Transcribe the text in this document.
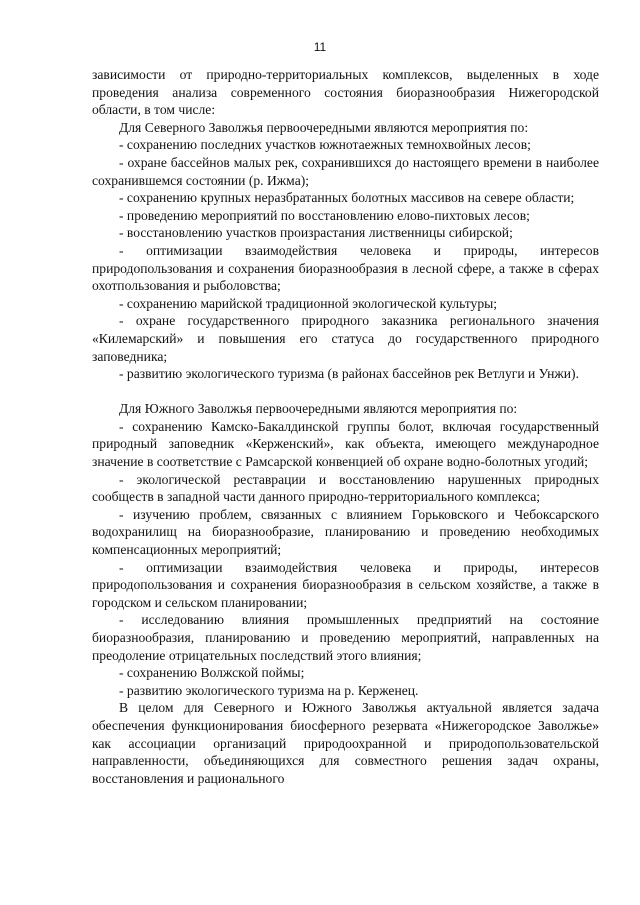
11

зависимости от природно-территориальных комплексов, выделенных в ходе проведения анализа современного состояния биоразнообразия Нижегородской области, в том числе:

Для Северного Заволжья первоочередными являются мероприятия по:

- сохранению последних участков южнотаежных темнохвойных лесов;

- охране бассейнов малых рек, сохранившихся до настоящего времени в наиболее сохранившемся состоянии (р. Ижма);

- сохранению крупных неразбратанных болотных массивов на севере области;

- проведению мероприятий по восстановлению елово-пихтовых лесов;

- восстановлению участков произрастания лиственницы сибирской;

- оптимизации взаимодействия человека и природы, интересов природопользования и сохранения биоразнообразия в лесной сфере, а также в сферах охотпользования и рыболовства;

- сохранению марийской традиционной экологической культуры;

- охране государственного природного заказника регионального значения «Килемарский» и повышения его статуса до государственного природного заповедника;

- развитию экологического туризма (в районах бассейнов рек Ветлуги и Унжи).

Для Южного Заволжья первоочередными являются мероприятия по:

- сохранению Камско-Бакалдинской группы болот, включая государственный природный заповедник «Керженский», как объекта, имеющего международное значение в соответствие с Рамсарской конвенцией об охране водно-болотных угодий;

- экологической реставрации и восстановлению нарушенных природных сообществ в западной части данного природно-территориального комплекса;

- изучению проблем, связанных с влиянием Горьковского и Чебоксарского водохранилищ на биоразнообразие, планированию и проведению необходимых компенсационных мероприятий;

- оптимизации взаимодействия человека и природы, интересов природопользования и сохранения биоразнообразия в сельском хозяйстве, а также в городском и сельском планировании;

- исследованию влияния промышленных предприятий на состояние биоразнообразия, планированию и проведению мероприятий, направленных на преодоление отрицательных последствий этого влияния;

- сохранению Волжской поймы;

- развитию экологического туризма на р. Керженец.

В целом для Северного и Южного Заволжья актуальной является задача обеспечения функционирования биосферного резервата «Нижегородское Заволжье» как ассоциации организаций природоохранной и природопользовательской направленности, объединяющихся для совместного решения задач охраны, восстановления и рационального
